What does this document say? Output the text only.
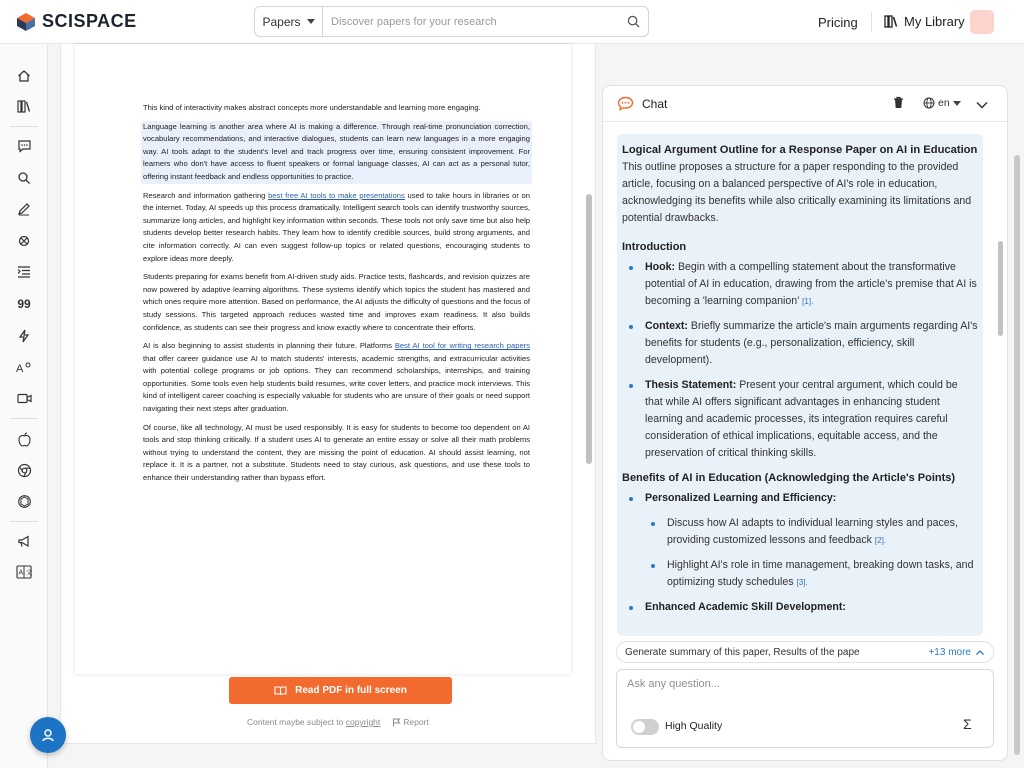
SCISPACE	Papers
Discover papers for your research	Pricing	My Library
99
A
A 文

This kind of interactivity makes abstract concepts more understandable and learning more engaging.

Language learning is another area where AI is making a difference. Through real-time pronunciation correction, vocabulary recommendations, and interactive dialogues, students can learn new languages in a more engaging way. AI tools adapt to the student's level and track progress over time, ensuring consistent improvement. For learners who don't have access to fluent speakers or formal language classes, AI can act as a personal tutor, offering instant feedback and endless opportunities to practice.

Research and information gathering best free AI tools to make presentations used to take hours in libraries or on the internet. Today, AI speeds up this process dramatically. Intelligent search tools can identify trustworthy sources, summarize long articles, and highlight key information within seconds. These tools not only save time but also help students develop better research habits. They learn how to identify credible sources, build strong arguments, and cite information correctly. AI can even suggest follow-up topics or related questions, encouraging students to explore ideas more deeply.

Students preparing for exams benefit from AI-driven study aids. Practice tests, flashcards, and revision quizzes are now powered by adaptive learning algorithms. These systems identify which topics the student has mastered and which ones require more attention. Based on performance, the AI adjusts the difficulty of questions and the focus of study sessions. This targeted approach reduces wasted time and improves exam readiness. It also builds confidence, as students can see their progress and know exactly where to concentrate their efforts.

AI is also beginning to assist students in planning their future. Platforms Best AI tool for writing research papers that offer career guidance use AI to match students' interests, academic strengths, and extracurricular activities with potential college programs or job options. They can recommend scholarships, internships, and training opportunities. Some tools even help students build resumes, write cover letters, and practice mock interviews. This kind of intelligent career coaching is especially valuable for students who are unsure of their goals or need support navigating their next steps after graduation.

Of course, like all technology, AI must be used responsibly. It is easy for students to become too dependent on AI tools and stop thinking critically. If a student uses AI to generate an entire essay or solve all their math problems without trying to understand the content, they are missing the point of education. AI should assist learning, not replace it. It is a partner, not a substitute. Students need to stay curious, ask questions, and use these tools to enhance their understanding rather than bypass effort.

Read PDF in full screen
Content maybe subject to copyright	Report
Chat	en
Logical Argument Outline for a Response Paper on AI in Education
This outline proposes a structure for a paper responding to the provided article, focusing on a balanced perspective of AI's role in education, acknowledging its benefits while also critically examining its limitations and potential drawbacks.
Introduction
Hook: Begin with a compelling statement about the transformative potential of AI in education, drawing from the article's premise that AI is becoming a 'learning companion' [1].
Context: Briefly summarize the article's main arguments regarding AI's benefits for students (e.g., personalization, efficiency, skill development).
Thesis Statement: Present your central argument, which could be that while AI offers significant advantages in enhancing student learning and academic processes, its integration requires careful consideration of ethical implications, equitable access, and the preservation of critical thinking skills.
Benefits of AI in Education (Acknowledging the Article's Points)
Personalized Learning and Efficiency:
Discuss how AI adapts to individual learning styles and paces, providing customized lessons and feedback [2].
Highlight AI's role in time management, breaking down tasks, and optimizing study schedules [3].
Enhanced Academic Skill Development:
Generate summary of this paper, Results of the pape	+13 more
Ask any question...
High Quality	Σ
